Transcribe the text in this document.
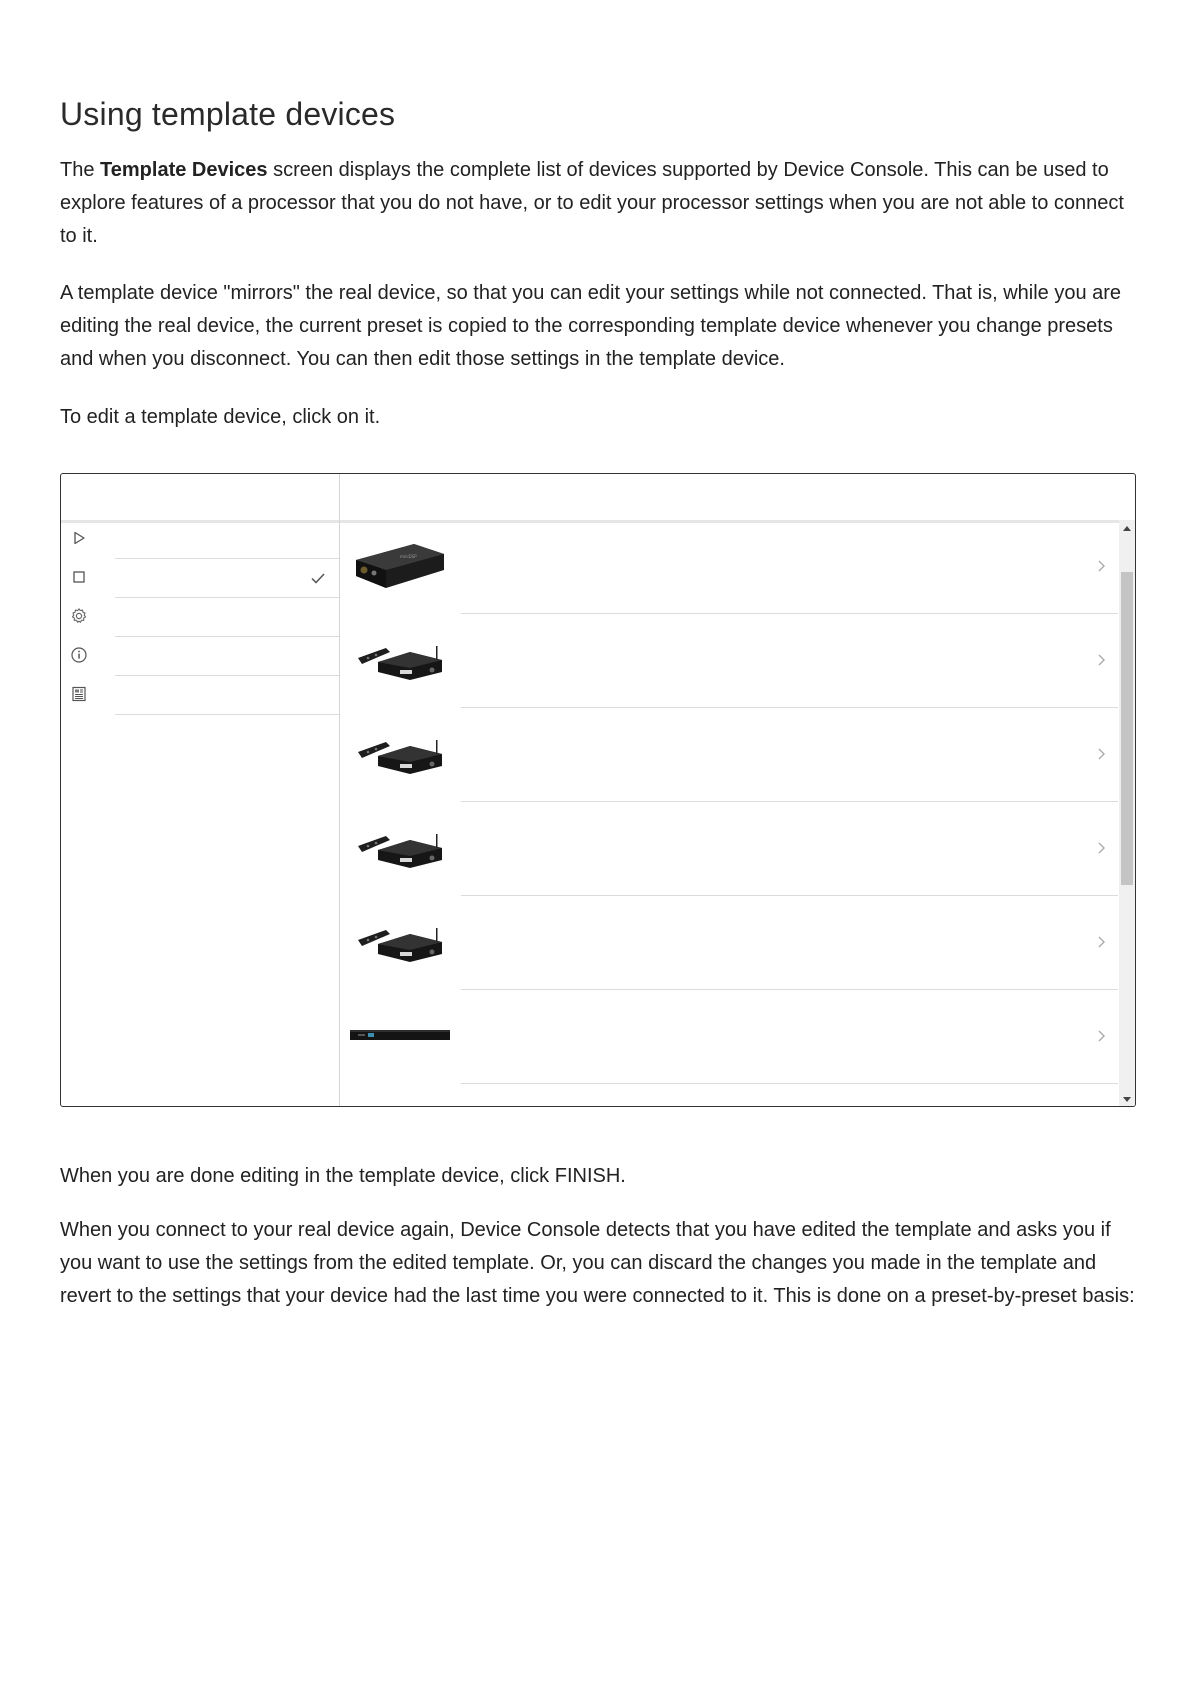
Using template devices

The Template Devices screen displays the complete list of devices supported by Device Console. This can be used to explore features of a processor that you do not have, or to edit your processor settings when you are not able to connect to it.

A template device "mirrors" the real device, so that you can edit your settings while not connected. That is, while you are editing the real device, the current preset is copied to the corresponding template device whenever you change presets and when you disconnect. You can then edit those settings in the template device.

To edit a template device, click on it.

miniDSP

When you are done editing in the template device, click FINISH.

When you connect to your real device again, Device Console detects that you have edited the template and asks you if you want to use the settings from the edited template. Or, you can discard the changes you made in the template and revert to the settings that your device had the last time you were connected to it. This is done on a preset-by-preset basis:
